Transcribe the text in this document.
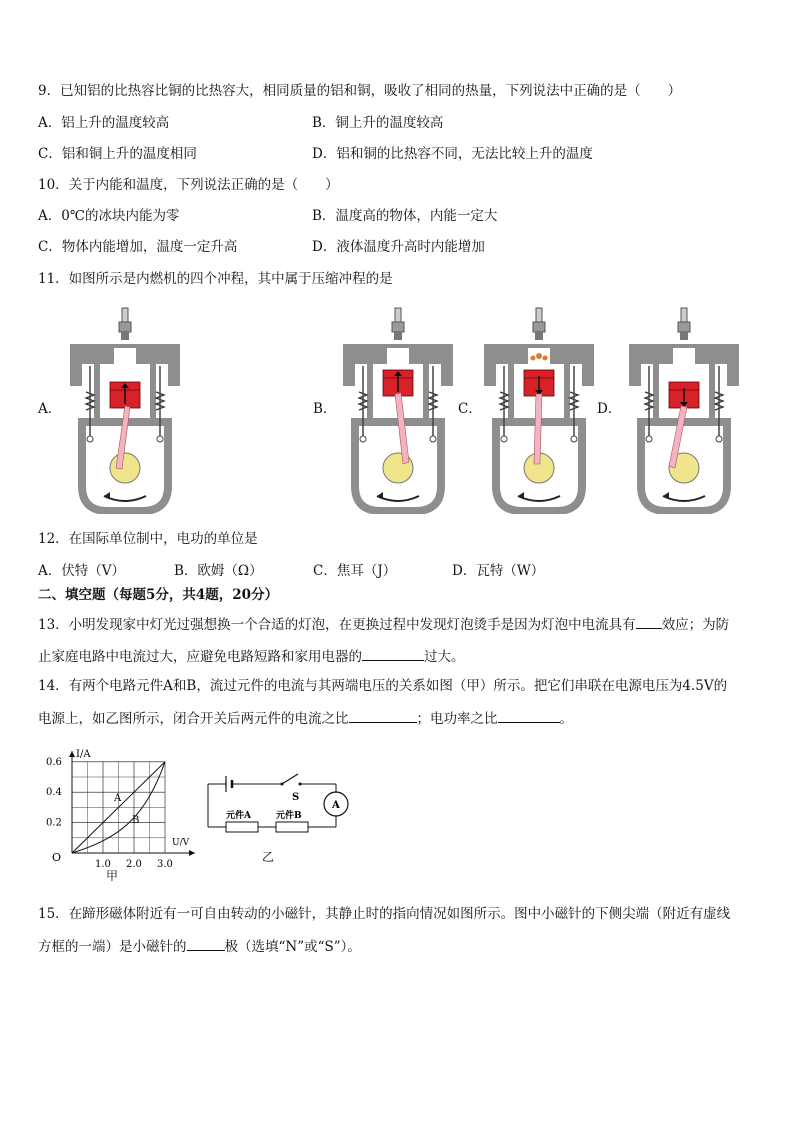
9．已知铝的比热容比铜的比热容大，相同质量的铝和铜，吸收了相同的热量，下列说法中正确的是（　　）
A．铝上升的温度较高	B．铜上升的温度较高
C．铝和铜上升的温度相同	D．铝和铜的比热容不同，无法比较上升的温度
10．关于内能和温度，下列说法正确的是（　　）
A．0℃的冰块内能为零	B．温度高的物体，内能一定大
C．物体内能增加，温度一定升高	D．液体温度升高时内能增加
11．如图所示是内燃机的四个冲程，其中属于压缩冲程的是
A．	B．	C．	D．
12．在国际单位制中，电功的单位是
A．伏特（V）	B．欧姆（Ω）	C．焦耳（J）	D．瓦特（W）
二、填空题（每题5分，共4题，20分）
13．小明发现家中灯光过强想换一个合适的灯泡，在更换过程中发现灯泡烫手是因为灯泡中电流具有 效应；为防
止家庭电路中电流过大，应避免电路短路和家用电器的	过大。
14．有两个电路元件A和B，流过元件的电流与其两端电压的关系如图（甲）所示。把它们串联在电源电压为4.5V的
电源上，如乙图所示，闭合开关后两元件的电流之比	；电功率之比	。
I/A
U/V
O
A
B
0.2
0.4
0.6
1.0 2.0 3.0
甲
S
A
元件A	元件B
乙
15．在蹄形磁体附近有一可自由转动的小磁针，其静止时的指向情况如图所示。图中小磁针的下侧尖端（附近有虚线
方框的一端）是小磁针的	极（选填“N”或“S”）。
